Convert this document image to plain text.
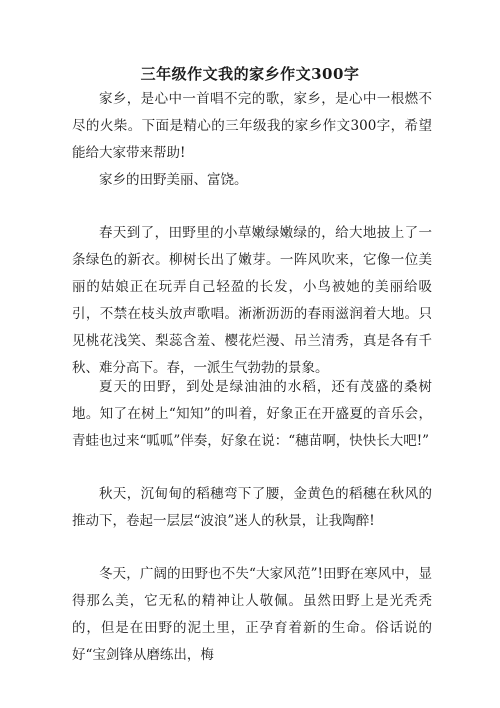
三年级作文我的家乡作文300字

家乡，是心中一首唱不完的歌，家乡，是心中一根燃不尽的火柴。下面是精心的三年级我的家乡作文300字，希望能给大家带来帮助!

家乡的田野美丽、富饶。

春天到了，田野里的小草嫩绿嫩绿的，给大地披上了一条绿色的新衣。柳树长出了嫩芽。一阵风吹来，它像一位美丽的姑娘正在玩弄自己轻盈的长发，小鸟被她的美丽给吸引，不禁在枝头放声歌唱。淅淅沥沥的春雨滋润着大地。只见桃花浅笑、梨蕊含羞、樱花烂漫、吊兰清秀，真是各有千秋、难分高下。春，一派生气勃勃的景象。

夏天的田野，到处是绿油油的水稻，还有茂盛的桑树地。知了在树上“知知”的叫着，好象正在开盛夏的音乐会，青蛙也过来“呱呱”伴奏，好象在说：“穗苗啊，快快长大吧!”

秋天，沉甸甸的稻穗弯下了腰，金黄色的稻穗在秋风的推动下，卷起一层层“波浪”迷人的秋景，让我陶醉!

冬天，广阔的田野也不失“大家风范”!田野在寒风中，显得那么美，它无私的精神让人敬佩。虽然田野上是光秃秃的，但是在田野的泥土里，正孕育着新的生命。俗话说的好“宝剑锋从磨练出，梅
